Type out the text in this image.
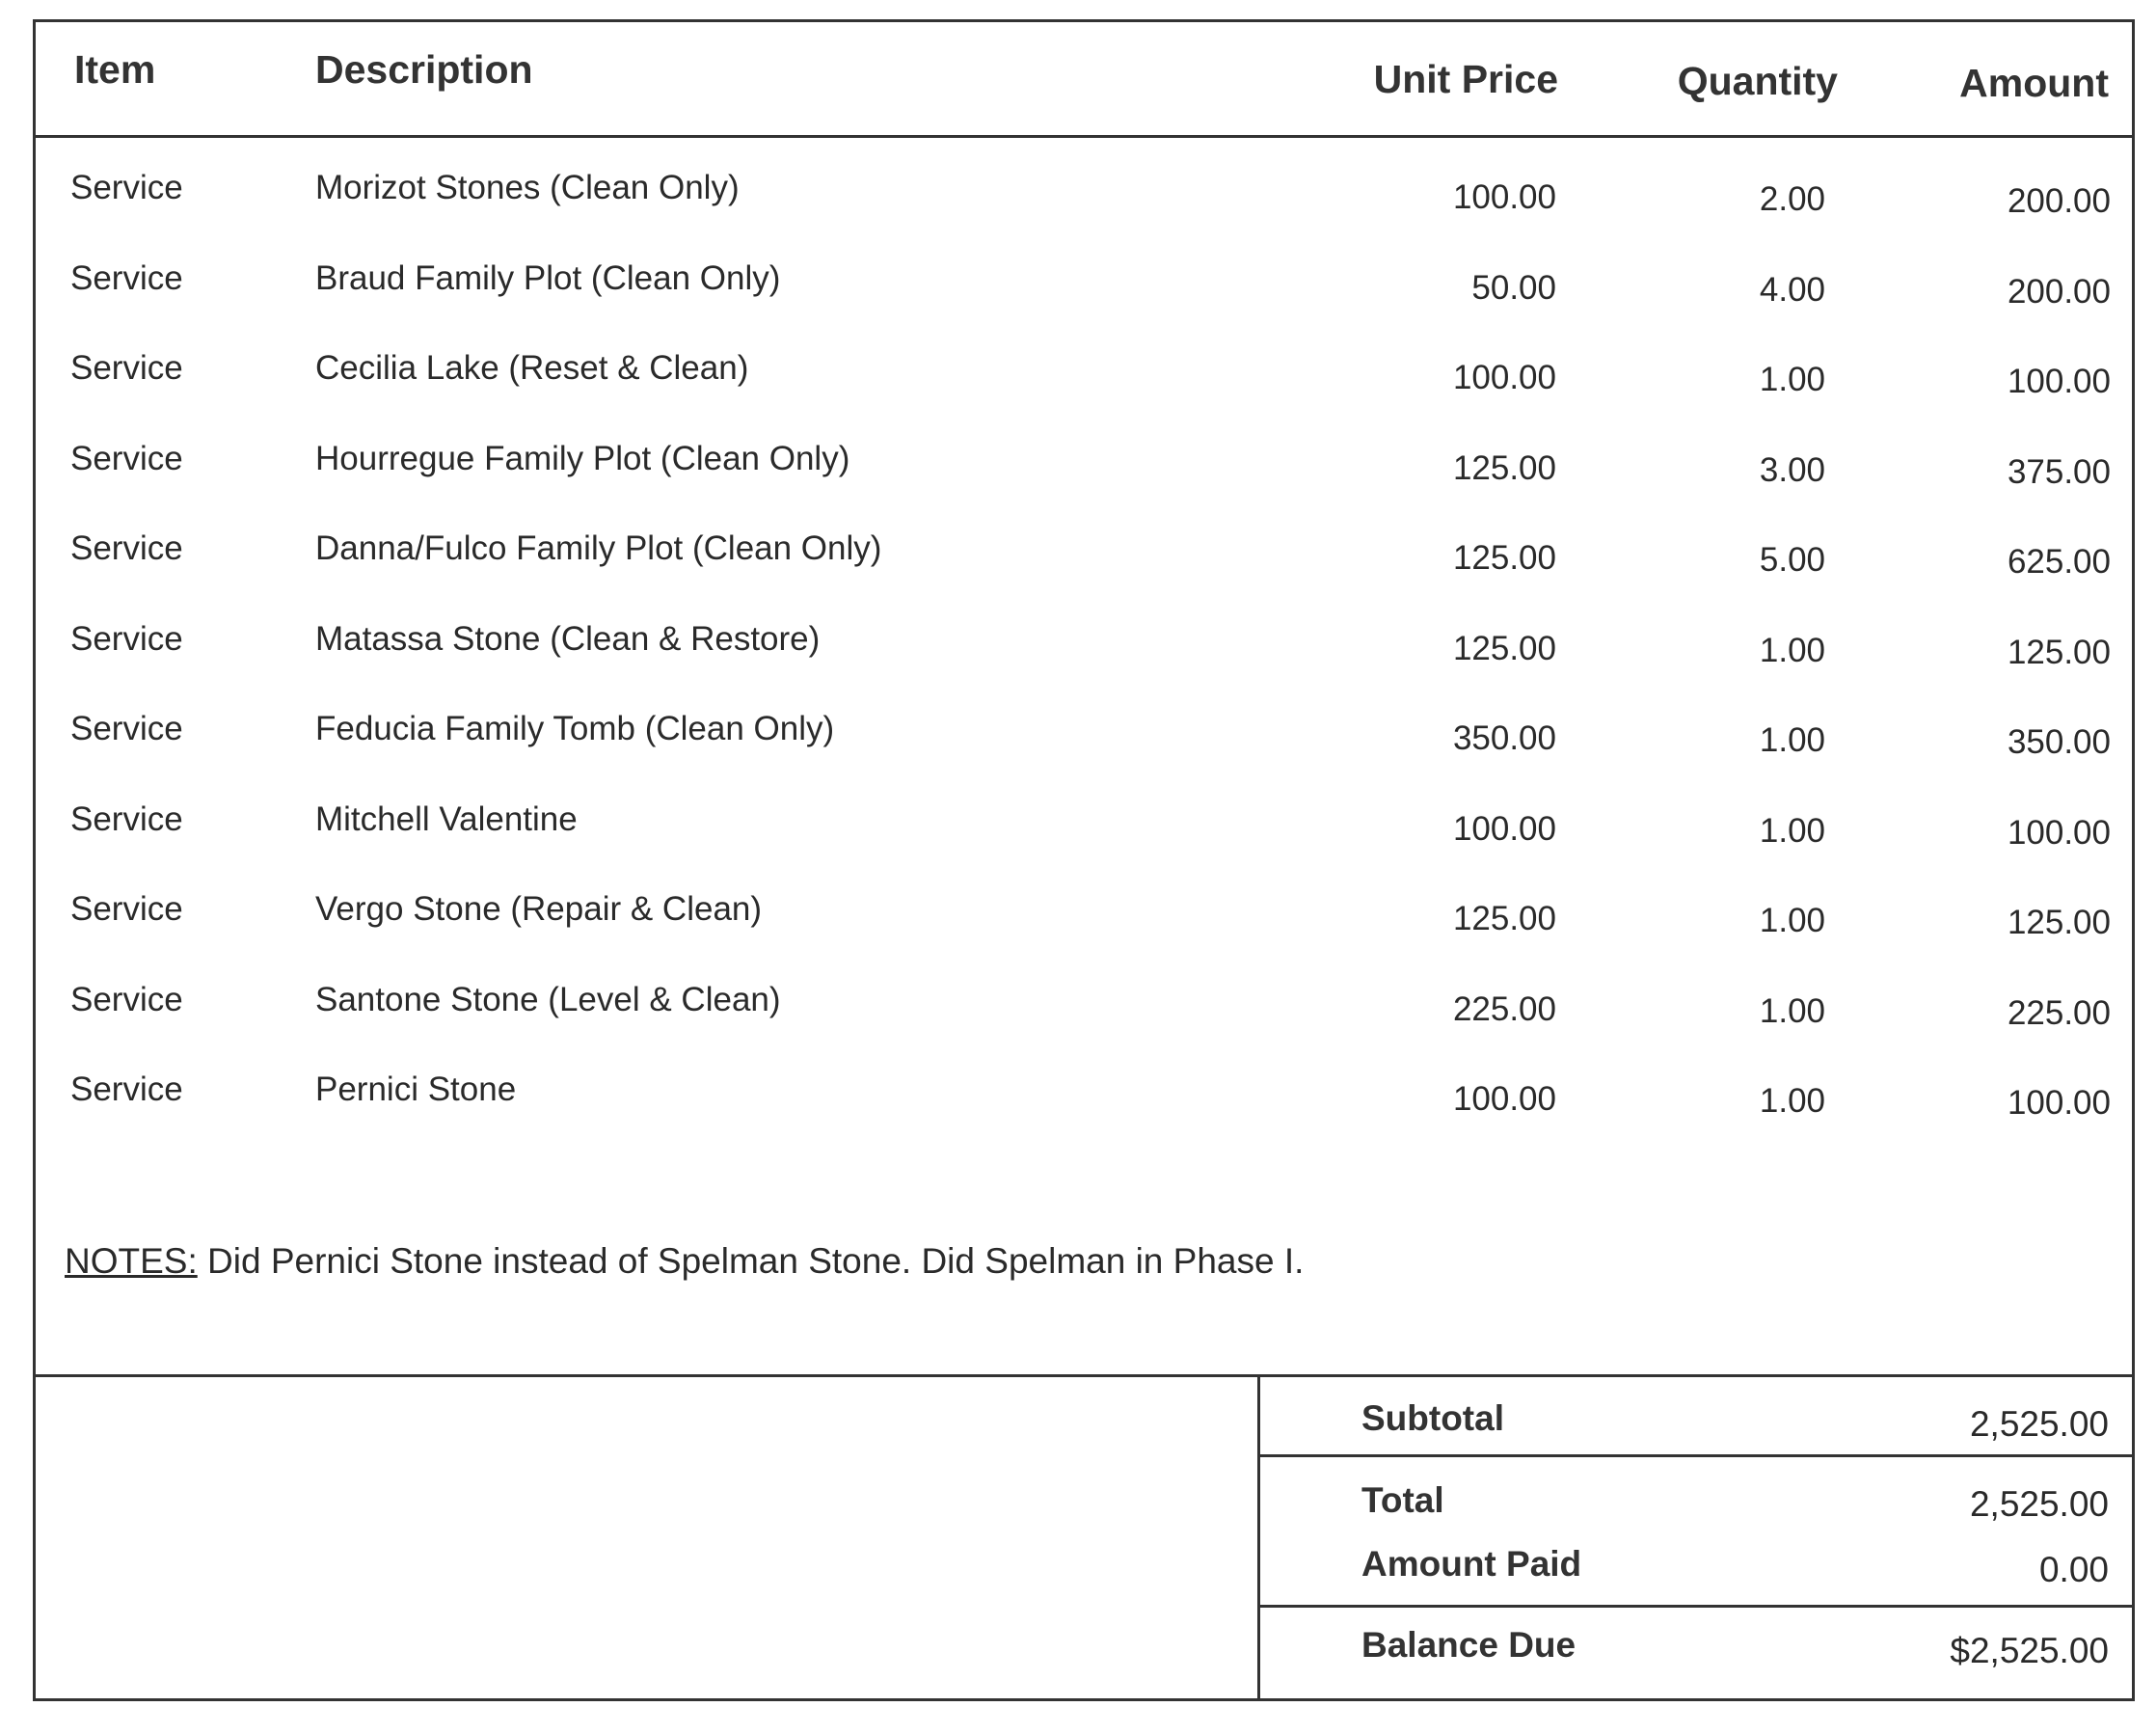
Item	Description	Unit Price	Quantity	Amount
Service	Morizot Stones (Clean Only)	100.00	2.00	200.00
Service	Braud Family Plot (Clean Only)	50.00	4.00	200.00
Service	Cecilia Lake (Reset & Clean)	100.00	1.00	100.00
Service	Hourregue Family Plot (Clean Only)	125.00	3.00	375.00
Service	Danna/Fulco Family Plot (Clean Only)	125.00	5.00	625.00
Service	Matassa Stone (Clean & Restore)	125.00	1.00	125.00
Service	Feducia Family Tomb (Clean Only)	350.00	1.00	350.00
Service	Mitchell Valentine	100.00	1.00	100.00
Service	Vergo Stone (Repair & Clean)	125.00	1.00	125.00
Service	Santone Stone (Level & Clean)	225.00	1.00	225.00
Service	Pernici Stone	100.00	1.00	100.00
NOTES: Did Pernici Stone instead of Spelman Stone. Did Spelman in Phase I.
Subtotal	2,525.00
Total	2,525.00
Amount Paid	0.00
Balance Due	$2,525.00
